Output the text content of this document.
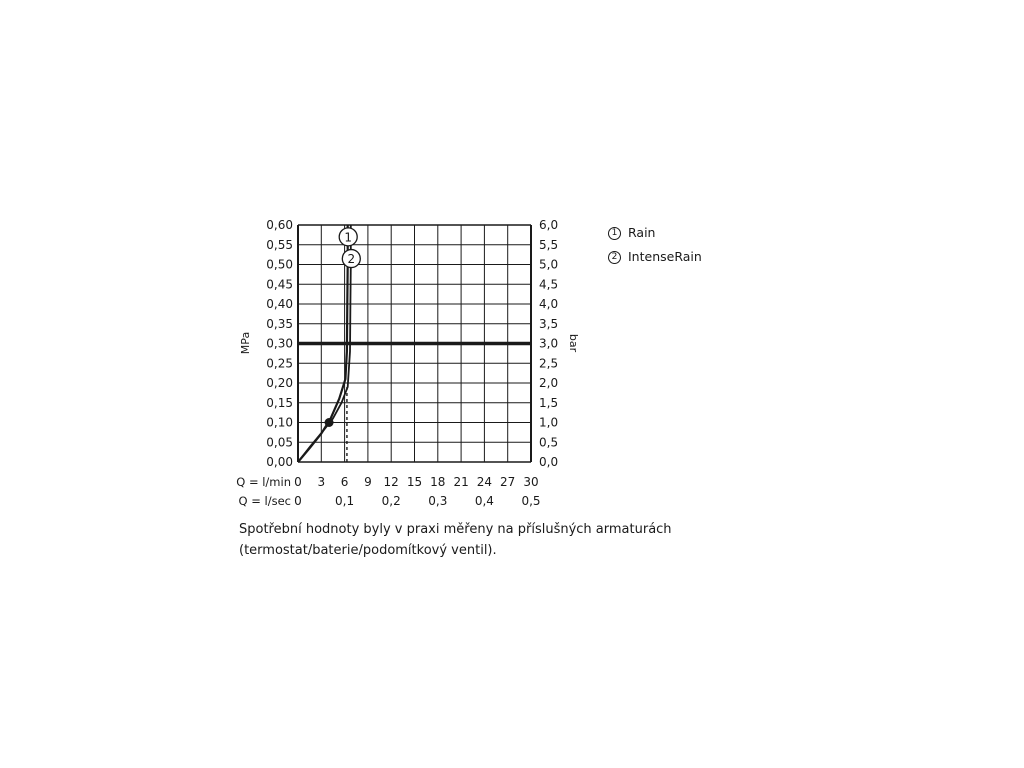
1
2
0,00
0,05
0,10
0,15
0,20
0,25
0,30
0,35
0,40
0,45
0,50
0,55
0,60
0,0
0,5
1,0
1,5
2,0
2,5
3,0
3,5
4,0
4,5
5,0
5,5
6,0
0 3 6 9 12 15 18 21 24 27 30
0	0,1 0,2 0,3 0,4 0,5
MPa	bar
Q = l/min
Q = l/sec
1 Rain
2 IntenseRain
Spotřební hodnoty byly v praxi měřeny na příslušných armaturách (termostat/baterie/podomítkový ventil).
